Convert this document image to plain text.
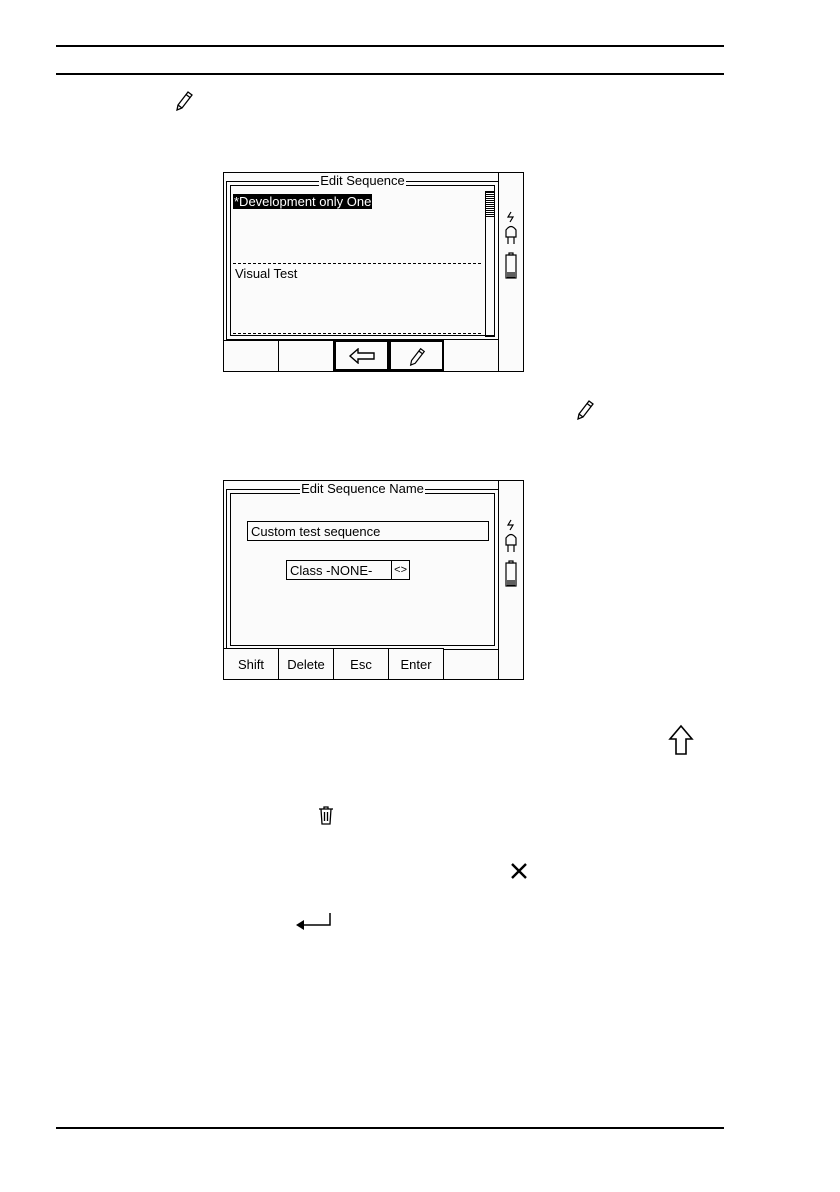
Edit Sequence
*Development only One
Visual Test
Edit Sequence Name
Custom test sequence
Class -NONE-	<>
Shift	Delete	Esc	Enter
